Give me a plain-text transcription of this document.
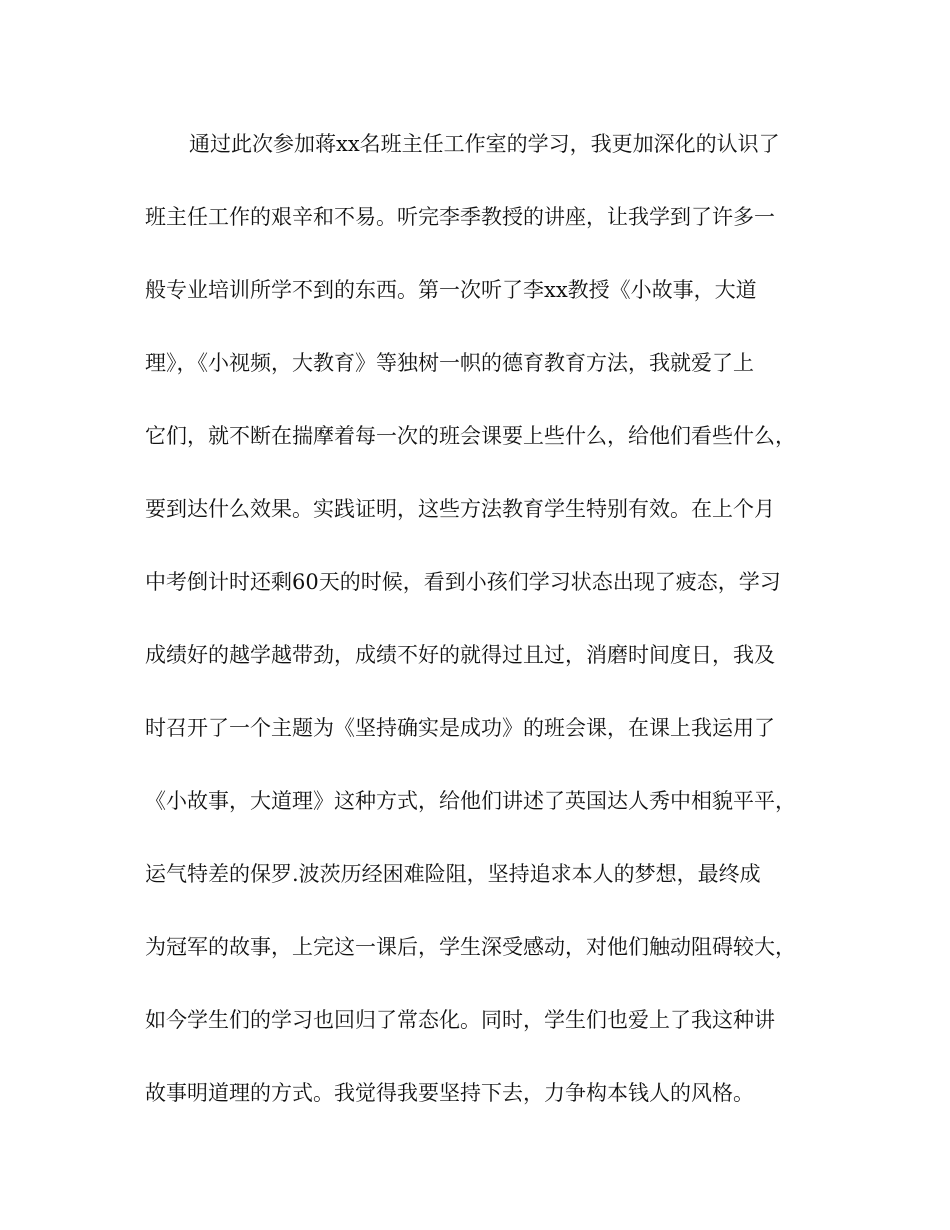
通过此次参加蒋xx名班主任工作室的学习，我更加深化的认识了
班主任工作的艰辛和不易。听完李季教授的讲座，让我学到了许多一
般专业培训所学不到的东西。第一次听了李xx教授《小故事，大道
理》，《小视频，大教育》等独树一帜的德育教育方法，我就爱了上
它们，就不断在揣摩着每一次的班会课要上些什么，给他们看些什么，
要到达什么效果。实践证明，这些方法教育学生特别有效。在上个月
中考倒计时还剩60天的时候，看到小孩们学习状态出现了疲态，学习
成绩好的越学越带劲，成绩不好的就得过且过，消磨时间度日，我及
时召开了一个主题为《坚持确实是成功》的班会课，在课上我运用了
《小故事，大道理》这种方式，给他们讲述了英国达人秀中相貌平平，
运气特差的保罗.波茨历经困难险阻，坚持追求本人的梦想，最终成
为冠军的故事，上完这一课后，学生深受感动，对他们触动阻碍较大，
如今学生们的学习也回归了常态化。同时，学生们也爱上了我这种讲
故事明道理的方式。我觉得我要坚持下去，力争构本钱人的风格。
